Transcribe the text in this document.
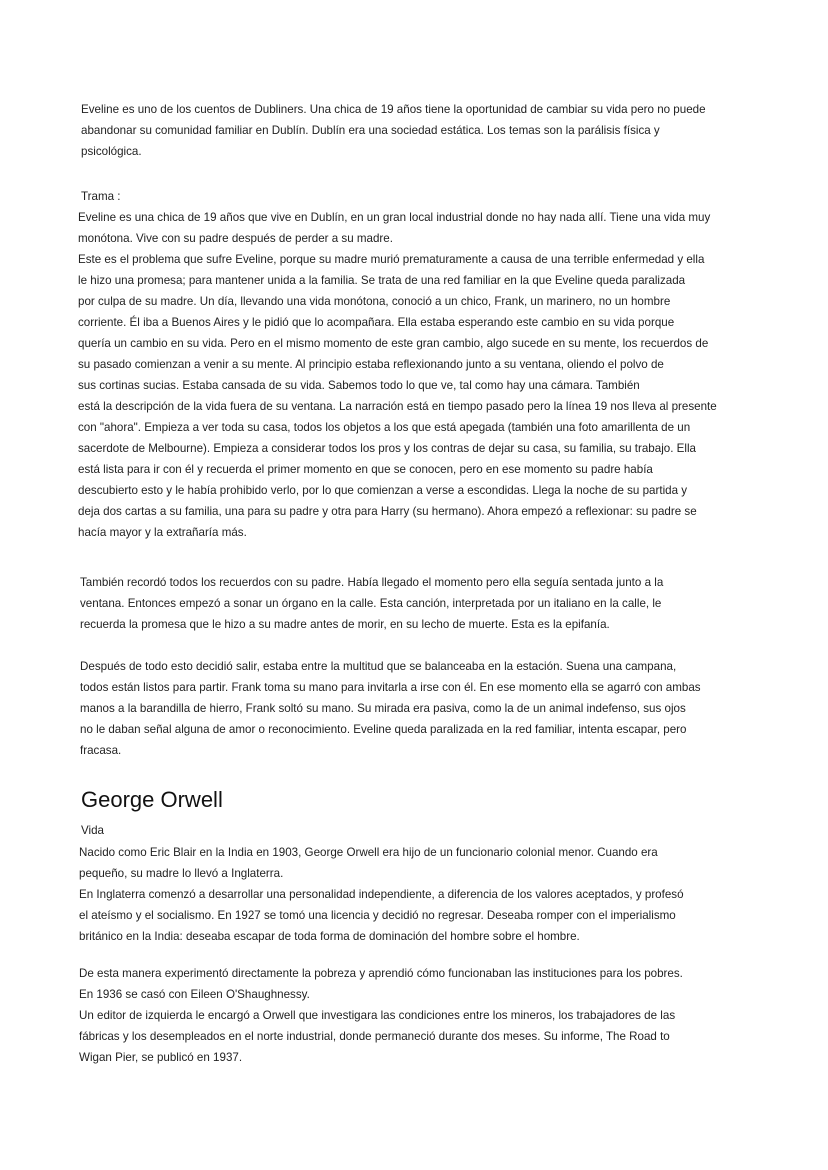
Eveline es uno de los cuentos de Dubliners. Una chica de 19 años tiene la oportunidad de cambiar su vida pero no puede
abandonar su comunidad familiar en Dublín. Dublín era una sociedad estática. Los temas son la parálisis física y
psicológica.
Trama :
Eveline es una chica de 19 años que vive en Dublín, en un gran local industrial donde no hay nada allí. Tiene una vida muy
monótona. Vive con su padre después de perder a su madre.
Este es el problema que sufre Eveline, porque su madre murió prematuramente a causa de una terrible enfermedad y ella
le hizo una promesa; para mantener unida a la familia. Se trata de una red familiar en la que Eveline queda paralizada
por culpa de su madre. Un día, llevando una vida monótona, conoció a un chico, Frank, un marinero, no un hombre
corriente. Él iba a Buenos Aires y le pidió que lo acompañara. Ella estaba esperando este cambio en su vida porque
quería un cambio en su vida. Pero en el mismo momento de este gran cambio, algo sucede en su mente, los recuerdos de
su pasado comienzan a venir a su mente. Al principio estaba reflexionando junto a su ventana, oliendo el polvo de
sus cortinas sucias. Estaba cansada de su vida. Sabemos todo lo que ve, tal como hay una cámara. También
está la descripción de la vida fuera de su ventana. La narración está en tiempo pasado pero la línea 19 nos lleva al presente
con "ahora". Empieza a ver toda su casa, todos los objetos a los que está apegada (también una foto amarillenta de un
sacerdote de Melbourne). Empieza a considerar todos los pros y los contras de dejar su casa, su familia, su trabajo. Ella
está lista para ir con él y recuerda el primer momento en que se conocen, pero en ese momento su padre había
descubierto esto y le había prohibido verlo, por lo que comienzan a verse a escondidas. Llega la noche de su partida y
deja dos cartas a su familia, una para su padre y otra para Harry (su hermano). Ahora empezó a reflexionar: su padre se
hacía mayor y la extrañaría más.
También recordó todos los recuerdos con su padre. Había llegado el momento pero ella seguía sentada junto a la
ventana. Entonces empezó a sonar un órgano en la calle. Esta canción, interpretada por un italiano en la calle, le
recuerda la promesa que le hizo a su madre antes de morir, en su lecho de muerte. Esta es la epifanía.
Después de todo esto decidió salir, estaba entre la multitud que se balanceaba en la estación. Suena una campana,
todos están listos para partir. Frank toma su mano para invitarla a irse con él. En ese momento ella se agarró con ambas
manos a la barandilla de hierro, Frank soltó su mano. Su mirada era pasiva, como la de un animal indefenso, sus ojos
no le daban señal alguna de amor o reconocimiento. Eveline queda paralizada en la red familiar, intenta escapar, pero
fracasa.
George Orwell
Vida
Nacido como Eric Blair en la India en 1903, George Orwell era hijo de un funcionario colonial menor. Cuando era
pequeño, su madre lo llevó a Inglaterra.
En Inglaterra comenzó a desarrollar una personalidad independiente, a diferencia de los valores aceptados, y profesó
el ateísmo y el socialismo. En 1927 se tomó una licencia y decidió no regresar. Deseaba romper con el imperialismo
británico en la India: deseaba escapar de toda forma de dominación del hombre sobre el hombre.
De esta manera experimentó directamente la pobreza y aprendió cómo funcionaban las instituciones para los pobres.
En 1936 se casó con Eileen O'Shaughnessy.
Un editor de izquierda le encargó a Orwell que investigara las condiciones entre los mineros, los trabajadores de las
fábricas y los desempleados en el norte industrial, donde permaneció durante dos meses. Su informe, The Road to
Wigan Pier, se publicó en 1937.
